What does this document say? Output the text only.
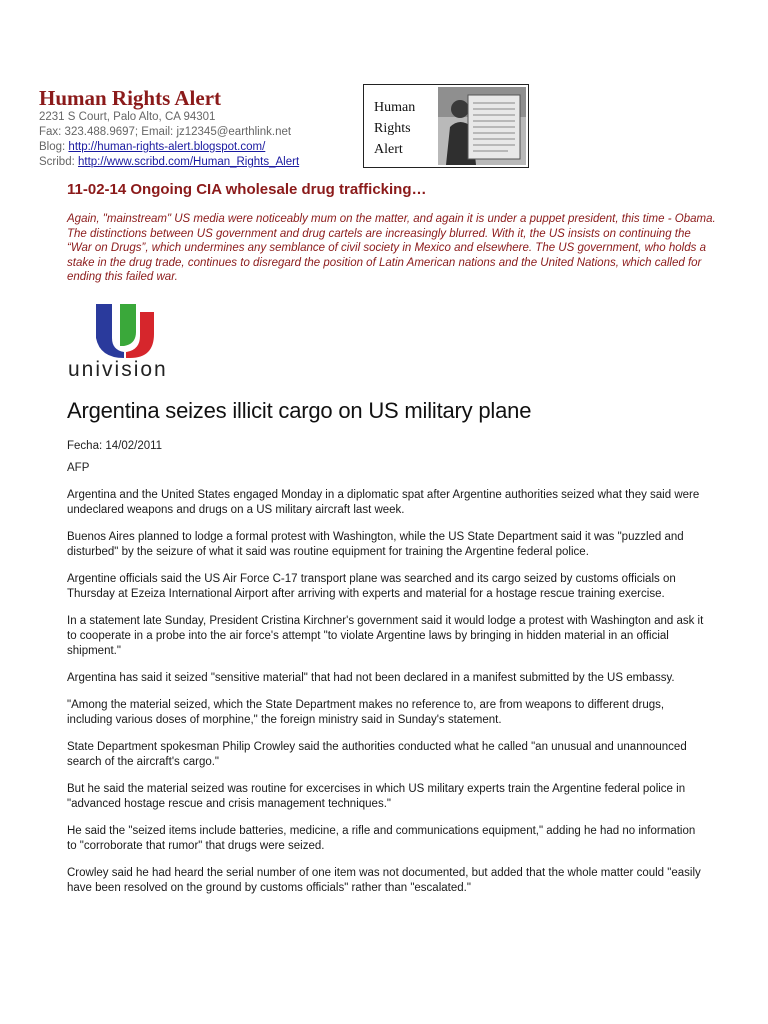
Human Rights Alert
2231 S Court, Palo Alto, CA 94301
Fax: 323.488.9697; Email: jz12345@earthlink.net
Blog: http://human-rights-alert.blogspot.com/
Scribd: http://www.scribd.com/Human_Rights_Alert
Human
Rights
Alert
11-02-14 Ongoing CIA wholesale drug trafficking…

Again, "mainstream" US media were noticeably mum on the matter, and again it is under a puppet president, this time - Obama. The distinctions between US government and drug cartels are increasingly blurred. With it, the US insists on continuing the “War on Drugs”, which undermines any semblance of civil society in Mexico and elsewhere. The US government, who holds a stake in the drug trade, continues to disregard the position of Latin American nations and the United Nations, which called for ending this failed war.

univision

Argentina seizes illicit cargo on US military plane

Fecha: 14/02/2011

AFP

Argentina and the United States engaged Monday in a diplomatic spat after Argentine authorities seized what they said were undeclared weapons and drugs on a US military aircraft last week.

Buenos Aires planned to lodge a formal protest with Washington, while the US State Department said it was "puzzled and disturbed" by the seizure of what it said was routine equipment for training the Argentine federal police.

Argentine officials said the US Air Force C-17 transport plane was searched and its cargo seized by customs officials on Thursday at Ezeiza International Airport after arriving with experts and material for a hostage rescue training exercise.

In a statement late Sunday, President Cristina Kirchner's government said it would lodge a protest with Washington and ask it to cooperate in a probe into the air force's attempt "to violate Argentine laws by bringing in hidden material in an official shipment."

Argentina has said it seized "sensitive material" that had not been declared in a manifest submitted by the US embassy.

"Among the material seized, which the State Department makes no reference to, are from weapons to different drugs, including various doses of morphine," the foreign ministry said in Sunday's statement.

State Department spokesman Philip Crowley said the authorities conducted what he called "an unusual and unannounced search of the aircraft's cargo."

But he said the material seized was routine for excercises in which US military experts train the Argentine federal police in "advanced hostage rescue and crisis management techniques."

He said the "seized items include batteries, medicine, a rifle and communications equipment," adding he had no information to "corroborate that rumor" that drugs were seized.

Crowley said he had heard the serial number of one item was not documented, but added that the whole matter could "easily have been resolved on the ground by customs officials" rather than "escalated."
